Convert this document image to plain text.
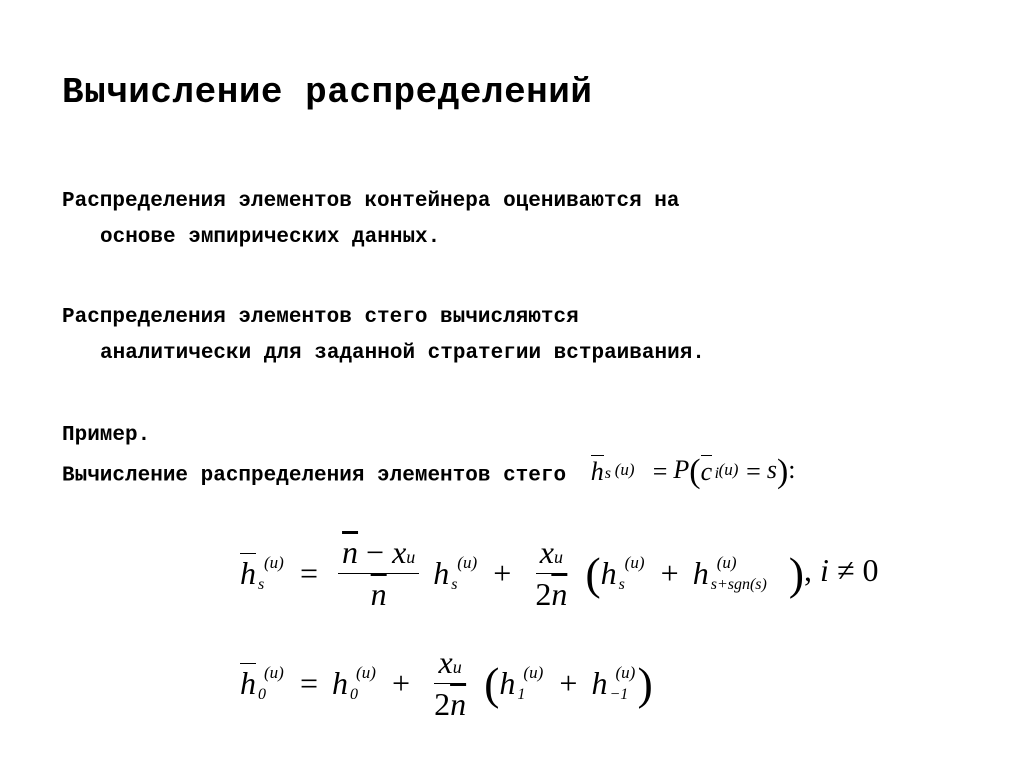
Вычисление распределений
Распределения элементов контейнера оцениваются на
основе эмпирических данных.
Распределения элементов стего вычисляются
аналитически для заданной стратегии встраивания.
Пример.
Вычисление распределения элементов стего h (u)
s = P(c (u)
i = s):
h (u)
$s = \frac{\overline{n} - xu}{n}$ h (u)
$s + \frac{xu}{2\overline{n}} (h$ (u)
s + h (u)
s+sgn(s) ), i ≠ 0
h (u)
0 = h (u)
$0 + \frac{xu}{2\overline{n}} (h$ (u)
1 + h (u)
−1 )
